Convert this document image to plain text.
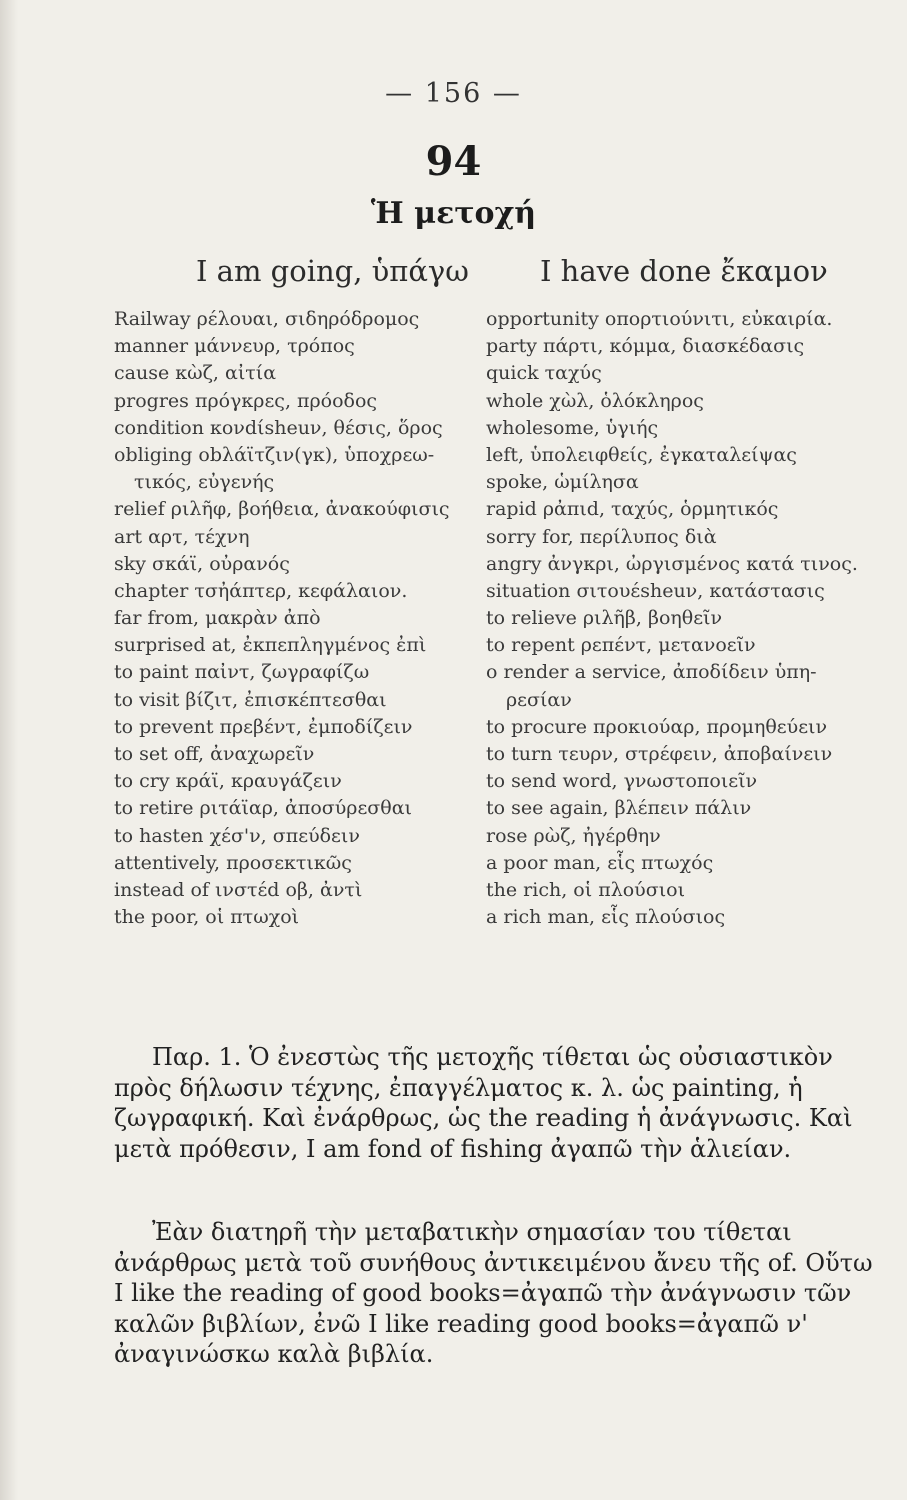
— 156 —
94
Ἡ μετοχή
I am going, ὑπάγω I have done ἔκαμον
Railway ρέλουαι, σιδηρόδρομος
manner μάννευρ, τρόπος
cause κὼζ, αἰτία
progres πρόγκρες, πρόοδος
condition κονdίsheuν, θέσις, ὅρος
obliging obλάϊτζιν(γκ), ὑποχρεω-
τικός, εὐγενής
relief ριλῆφ, βοήθεια, ἀνακούφισις
art αρτ, τέχνη
sky σκάϊ, οὐρανός
chapter τσἠάπτερ, κεφάλαιον.
far from, μακρὰν ἀπὸ
surprised at, ἐκπεπληγμένος ἐπὶ
to paint παἰντ, ζωγραφίζω
to visit βίζιτ, ἐπισκέπτεσθαι
to prevent πρεβέντ, ἐμποδίζειν
to set off, ἀναχωρεῖν
to cry κράϊ, κραυγάζειν
to retire ριτάϊαρ, ἀποσύρεσθαι
to hasten χέσ'ν, σπεύδειν
attentively, προσεκτικῶς
instead of ινστέd οβ, ἀντὶ
the poor, οἱ πτωχοὶ
opportunity οπορτιούνιτι, εὐκαιρία.
party πάρτι, κόμμα, διασκέδασις
quick ταχύς
whole χὼλ, ὁλόκληρος
wholesome, ὑγιής
left, ὑπολειφθείς, ἐγκαταλείψας
spoke, ὡμίλησα
rapid ρἀπιd, ταχύς, ὁρμητικός
sorry for, περίλυπος διὰ
angry ἀνγκρι, ὠργισμένος κατά τινος.
situation σιτουέsheuν, κατάστασις
to relieve ριλῆβ, βοηθεῖν
to repent ρεπέντ, μετανοεῖν
o render a service, ἀποδίδειν ὑπη-
ρεσίαν
to procure προκιούαρ, προμηθεύειν
to turn τευρν, στρέφειν, ἀποβαίνειν
to send word, γνωστοποιεῖν
to see again, βλέπειν πάλιν
rose ρὼζ, ἠγέρθην
a poor man, εἷς πτωχός
the rich, οἱ πλούσιοι
a rich man, εἷς πλούσιος

Παρ. 1. Ὁ ἐνεστὼς τῆς μετοχῆς τίθεται ὡς οὐσιαστικὸν πρὸς δήλωσιν τέχνης, ἐπαγγέλματος κ. λ. ὡς painting, ἡ ζωγραφική. Καὶ ἐνάρθρως, ὡς the reading ἡ ἀνάγνωσις. Καὶ μετὰ πρόθεσιν, I am fond of fishing ἀγαπῶ τὴν ἁλιείαν.

Ἐὰν διατηρῆ τὴν μεταβατικὴν σημασίαν του τίθεται ἀνάρθρως μετὰ τοῦ συνήθους ἀντικειμένου ἄνευ τῆς of. Οὕτω I like the reading of good books=ἀγαπῶ τὴν ἀνάγνωσιν τῶν καλῶν βιβλίων, ἐνῶ I like reading good books=ἀγαπῶ ν' ἀναγινώσκω καλὰ βιβλία.
